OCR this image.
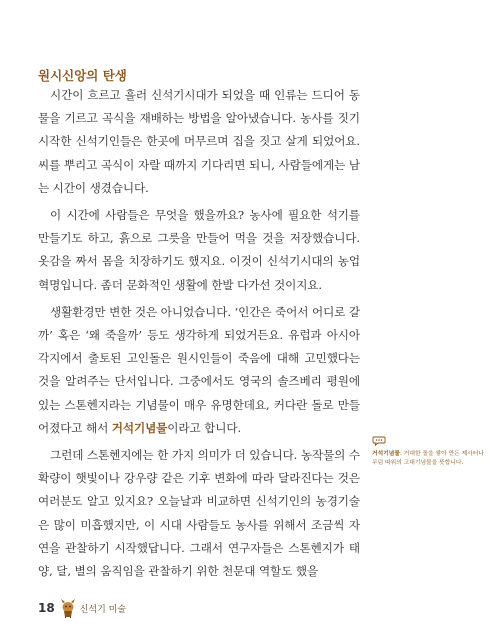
원시신앙의 탄생

시간이 흐르고 흘러 신석기시대가 되었을 때 인류는 드디어 동물을 기르고 곡식을 재배하는 방법을 알아냈습니다. 농사를 짓기 시작한 신석기인들은 한곳에 머무르며 집을 짓고 살게 되었어요. 씨를 뿌리고 곡식이 자랄 때까지 기다리면 되니, 사람들에게는 남는 시간이 생겼습니다.

이 시간에 사람들은 무엇을 했을까요? 농사에 필요한 석기를 만들기도 하고, 흙으로 그릇을 만들어 먹을 것을 저장했습니다. 옷감을 짜서 몸을 치장하기도 했지요. 이것이 신석기시대의 농업혁명입니다. 좀더 문화적인 생활에 한발 다가선 것이지요.

생활환경만 변한 것은 아니었습니다. ‘인간은 죽어서 어디로 갈까’ 혹은 ‘왜 죽을까’ 등도 생각하게 되었거든요. 유럽과 아시아 각지에서 출토된 고인돌은 원시인들이 죽음에 대해 고민했다는 것을 알려주는 단서입니다. 그중에서도 영국의 솔즈베리 평원에 있는 스톤헨지라는 기념물이 매우 유명한데요, 커다란 돌로 만들어졌다고 해서 거석기념물이라고 합니다.

그런데 스톤헨지에는 한 가지 의미가 더 있습니다. 농작물의 수확량이 햇빛이나 강우량 같은 기후 변화에 따라 달라진다는 것은 여러분도 알고 있지요? 오늘날과 비교하면 신석기인의 농경기술은 많이 미흡했지만, 이 시대 사람들도 농사를 위해서 조금씩 자연을 관찰하기 시작했답니다. 그래서 연구자들은 스톤헨지가 태양, 달, 별의 움직임을 관찰하기 위한 천문대 역할도 했을

거석기념물: 거대한 돌을 쌓아 만든 제사터나 무덤 따위의 고대기념물을 뜻합니다.
18	신석기 미술
